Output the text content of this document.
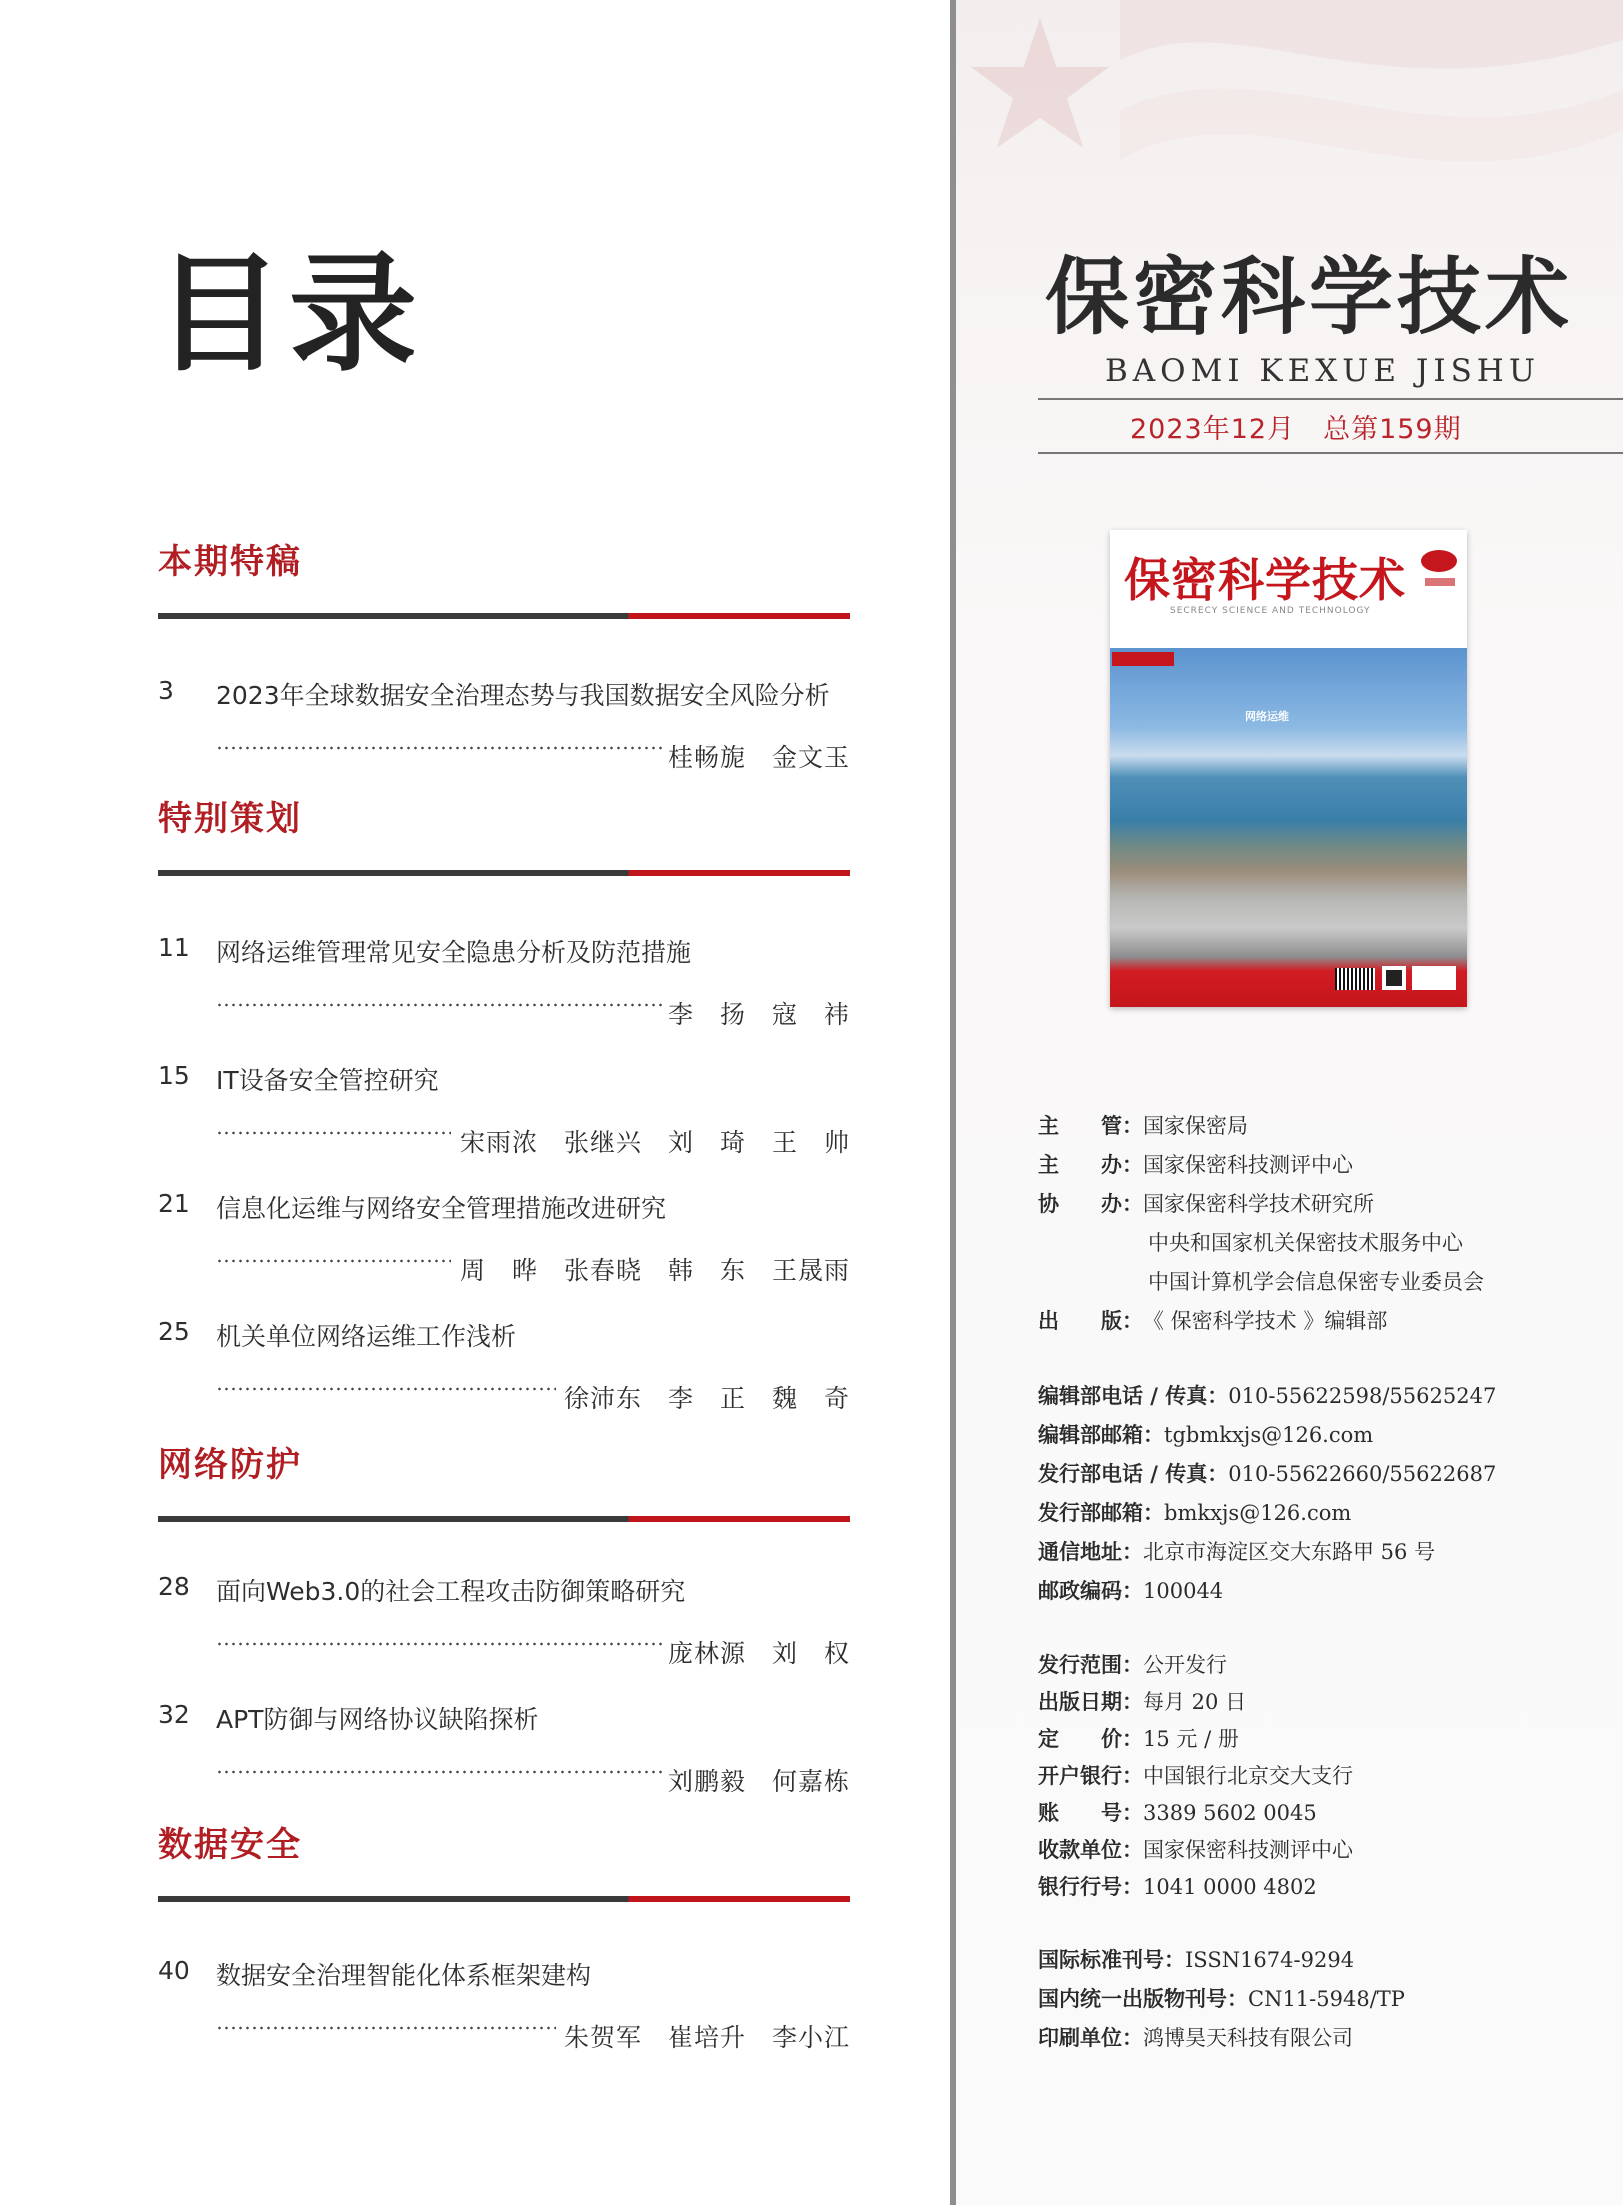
目录
本期特稿
3 2023年全球数据安全治理态势与我国数据安全风险分析
桂畅旎　金文玉
特别策划
11 网络运维管理常见安全隐患分析及防范措施
李　扬　寇　祎
15 IT设备安全管控研究
宋雨浓　张继兴　刘　琦　王　帅
21 信息化运维与网络安全管理措施改进研究
周　晔　张春晓　韩　东　王晟雨
25 机关单位网络运维工作浅析
徐沛东　李　正　魏　奇
网络防护
28 面向Web3.0的社会工程攻击防御策略研究
庞林源　刘　权
32 APT防御与网络协议缺陷探析
刘鹏毅　何嘉栋
数据安全
40 数据安全治理智能化体系框架建构
朱贺军　崔培升　李小江
保密科学技术
BAOMI KEXUE JISHU
2023年12月　总第159期
保密科学技术
SECRECY SCIENCE AND TECHNOLOGY
网络运维
主　　管：国家保密局
主　　办：国家保密科技测评中心
协　　办：国家保密科学技术研究所
中央和国家机关保密技术服务中心
中国计算机学会信息保密专业委员会
出　　版：《 保密科学技术 》编辑部
编辑部电话 / 传真：010-55622598/55625247
编辑部邮箱：tgbmkxjs@126.com
发行部电话 / 传真：010-55622660/55622687
发行部邮箱：bmkxjs@126.com
通信地址：北京市海淀区交大东路甲 56 号
邮政编码：100044
发行范围：公开发行
出版日期：每月 20 日
定　　价：15 元 / 册
开户银行：中国银行北京交大支行
账　　号：3389 5602 0045
收款单位：国家保密科技测评中心
银行行号：1041 0000 4802
国际标准刊号：ISSN1674-9294
国内统一出版物刊号：CN11-5948/TP
印刷单位：鸿博昊天科技有限公司
